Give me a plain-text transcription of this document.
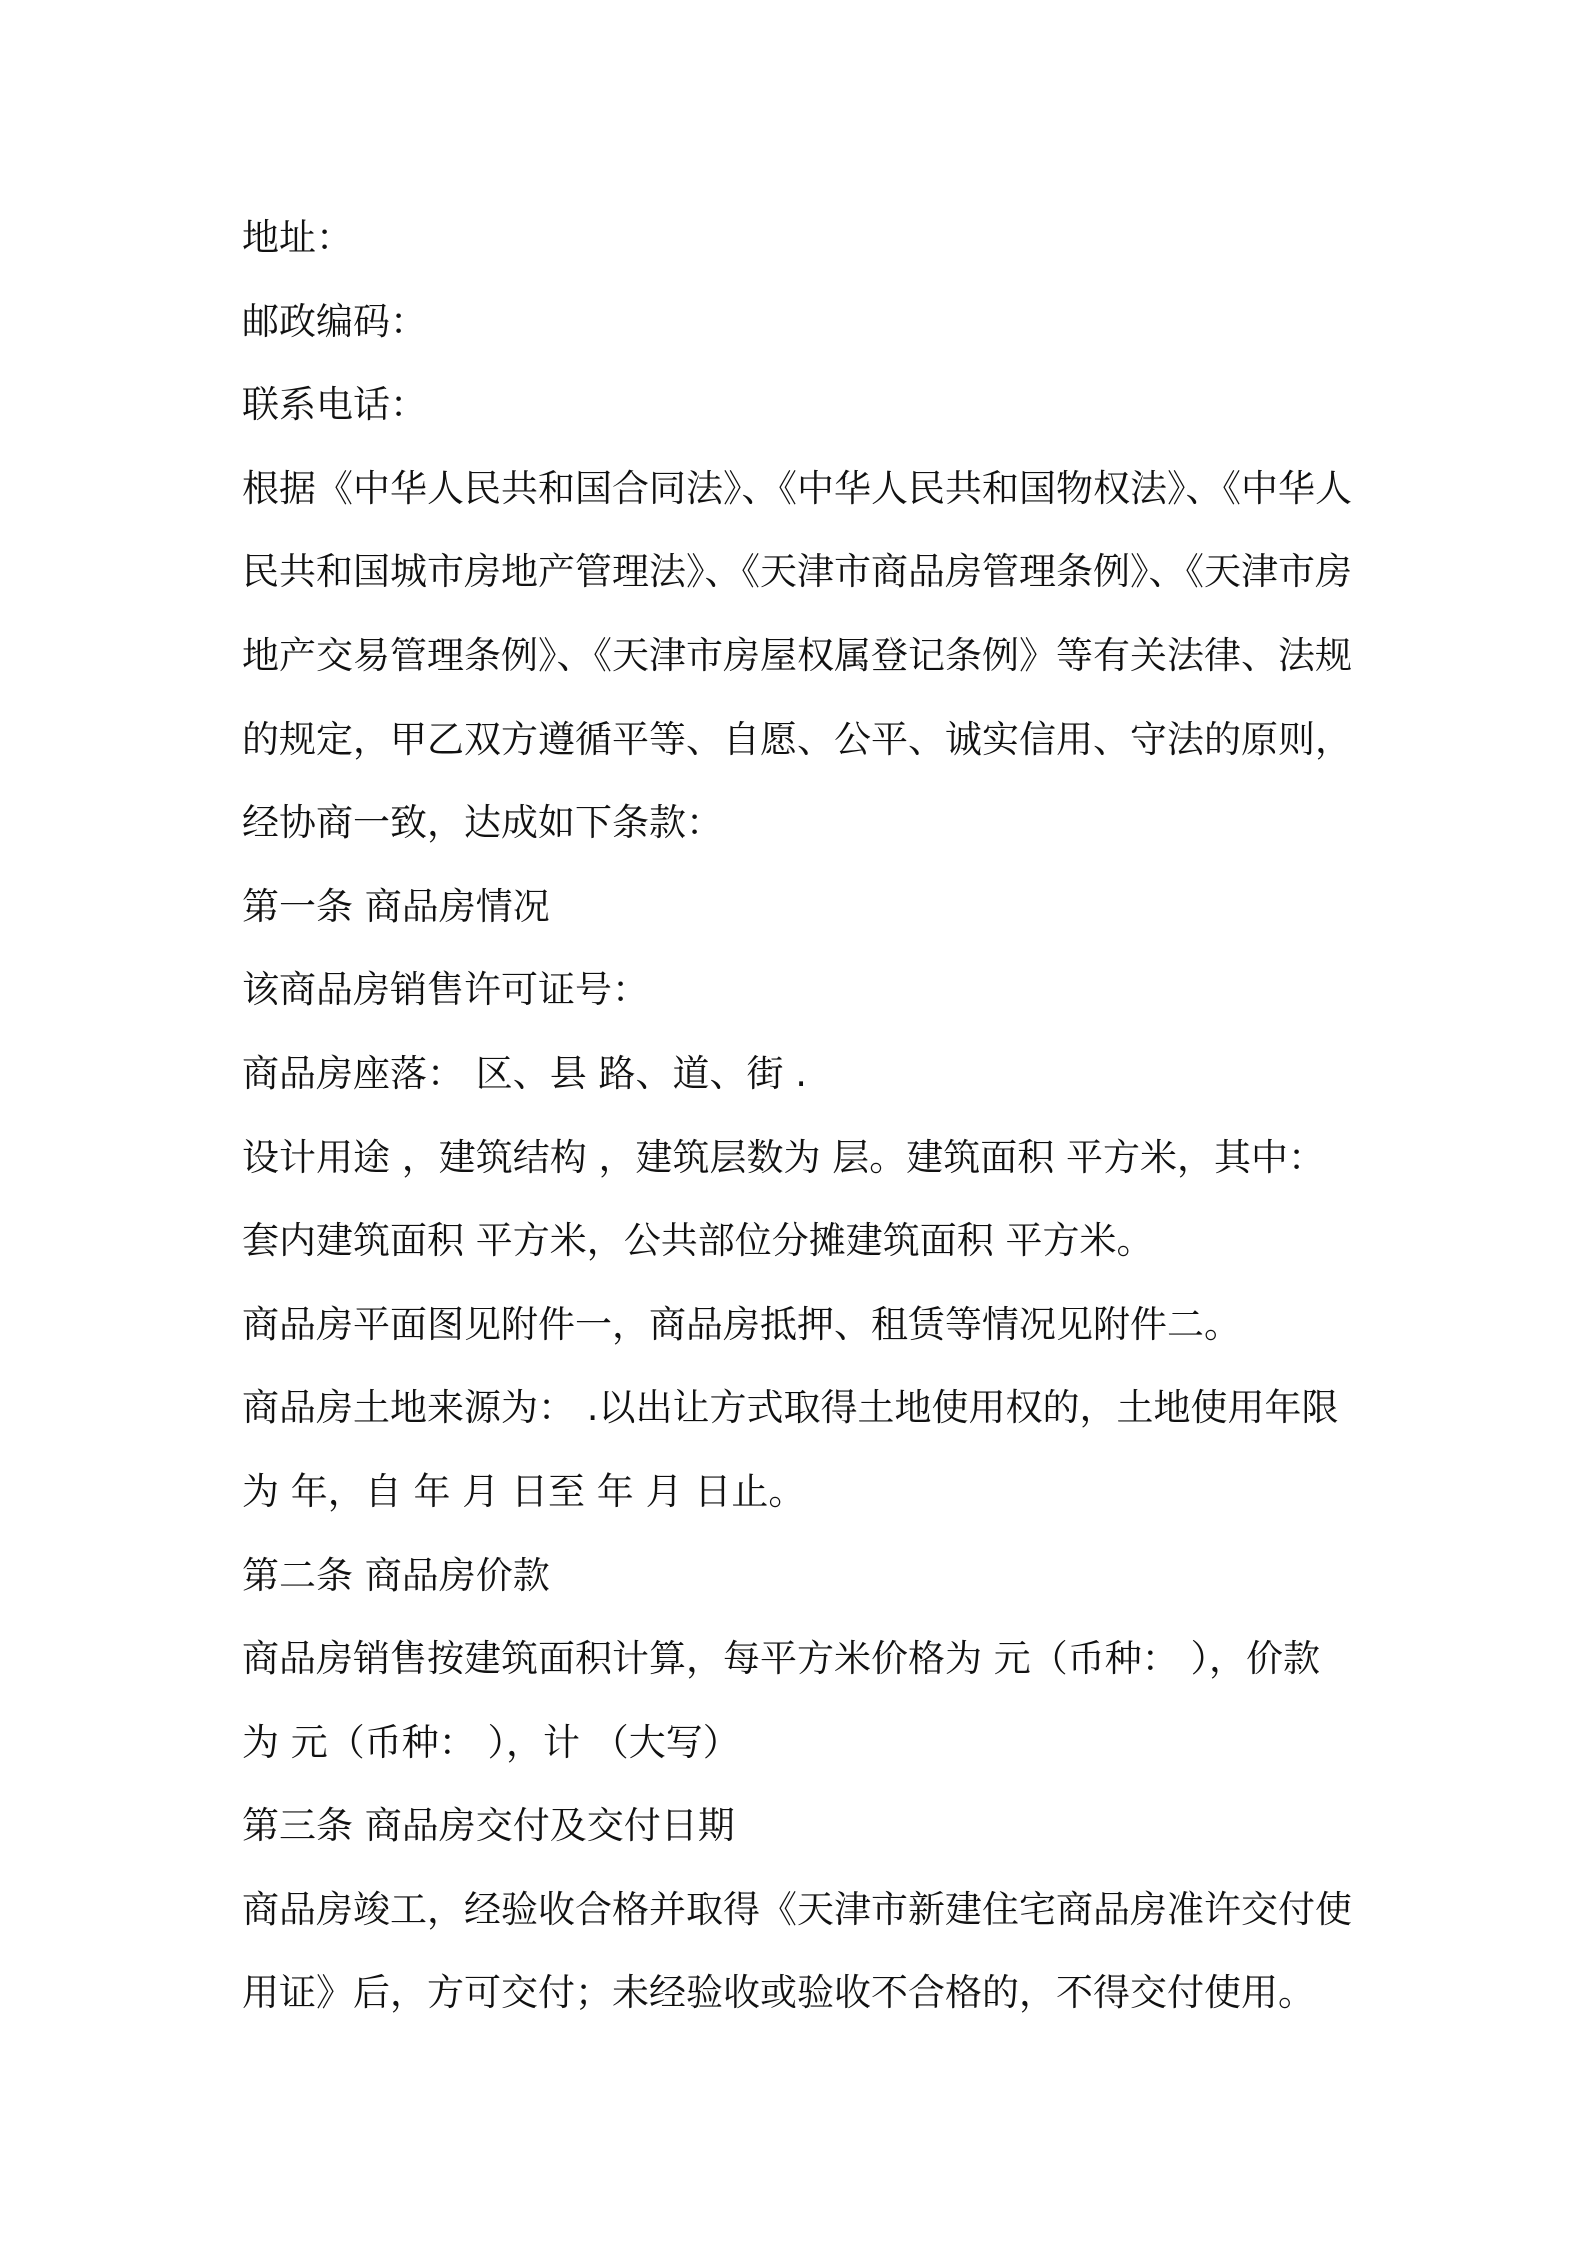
地址：

邮政编码：

联系电话：

根据《中华人民共和国合同法》、《中华人民共和国物权法》、《中华人

民共和国城市房地产管理法》、《天津市商品房管理条例》、《天津市房

地产交易管理条例》、《天津市房屋权属登记条例》等有关法律、法规

的规定，甲乙双方遵循平等、自愿、公平、诚实信用、守法的原则，

经协商一致，达成如下条款：

第一条 商品房情况

该商品房销售许可证号：

商品房座落： 区、县 路、道、街 .

设计用途 ，建筑结构 ，建筑层数为 层。建筑面积 平方米，其中：

套内建筑面积 平方米，公共部位分摊建筑面积 平方米。

商品房平面图见附件一，商品房抵押、租赁等情况见附件二。

商品房土地来源为： .以出让方式取得土地使用权的，土地使用年限

为 年，自 年 月 日至 年 月 日止。

第二条 商品房价款

商品房销售按建筑面积计算，每平方米价格为 元（币种： ），价款

为 元（币种： ），计 （大写）

第三条 商品房交付及交付日期

商品房竣工，经验收合格并取得《天津市新建住宅商品房准许交付使

用证》后，方可交付；未经验收或验收不合格的，不得交付使用。
